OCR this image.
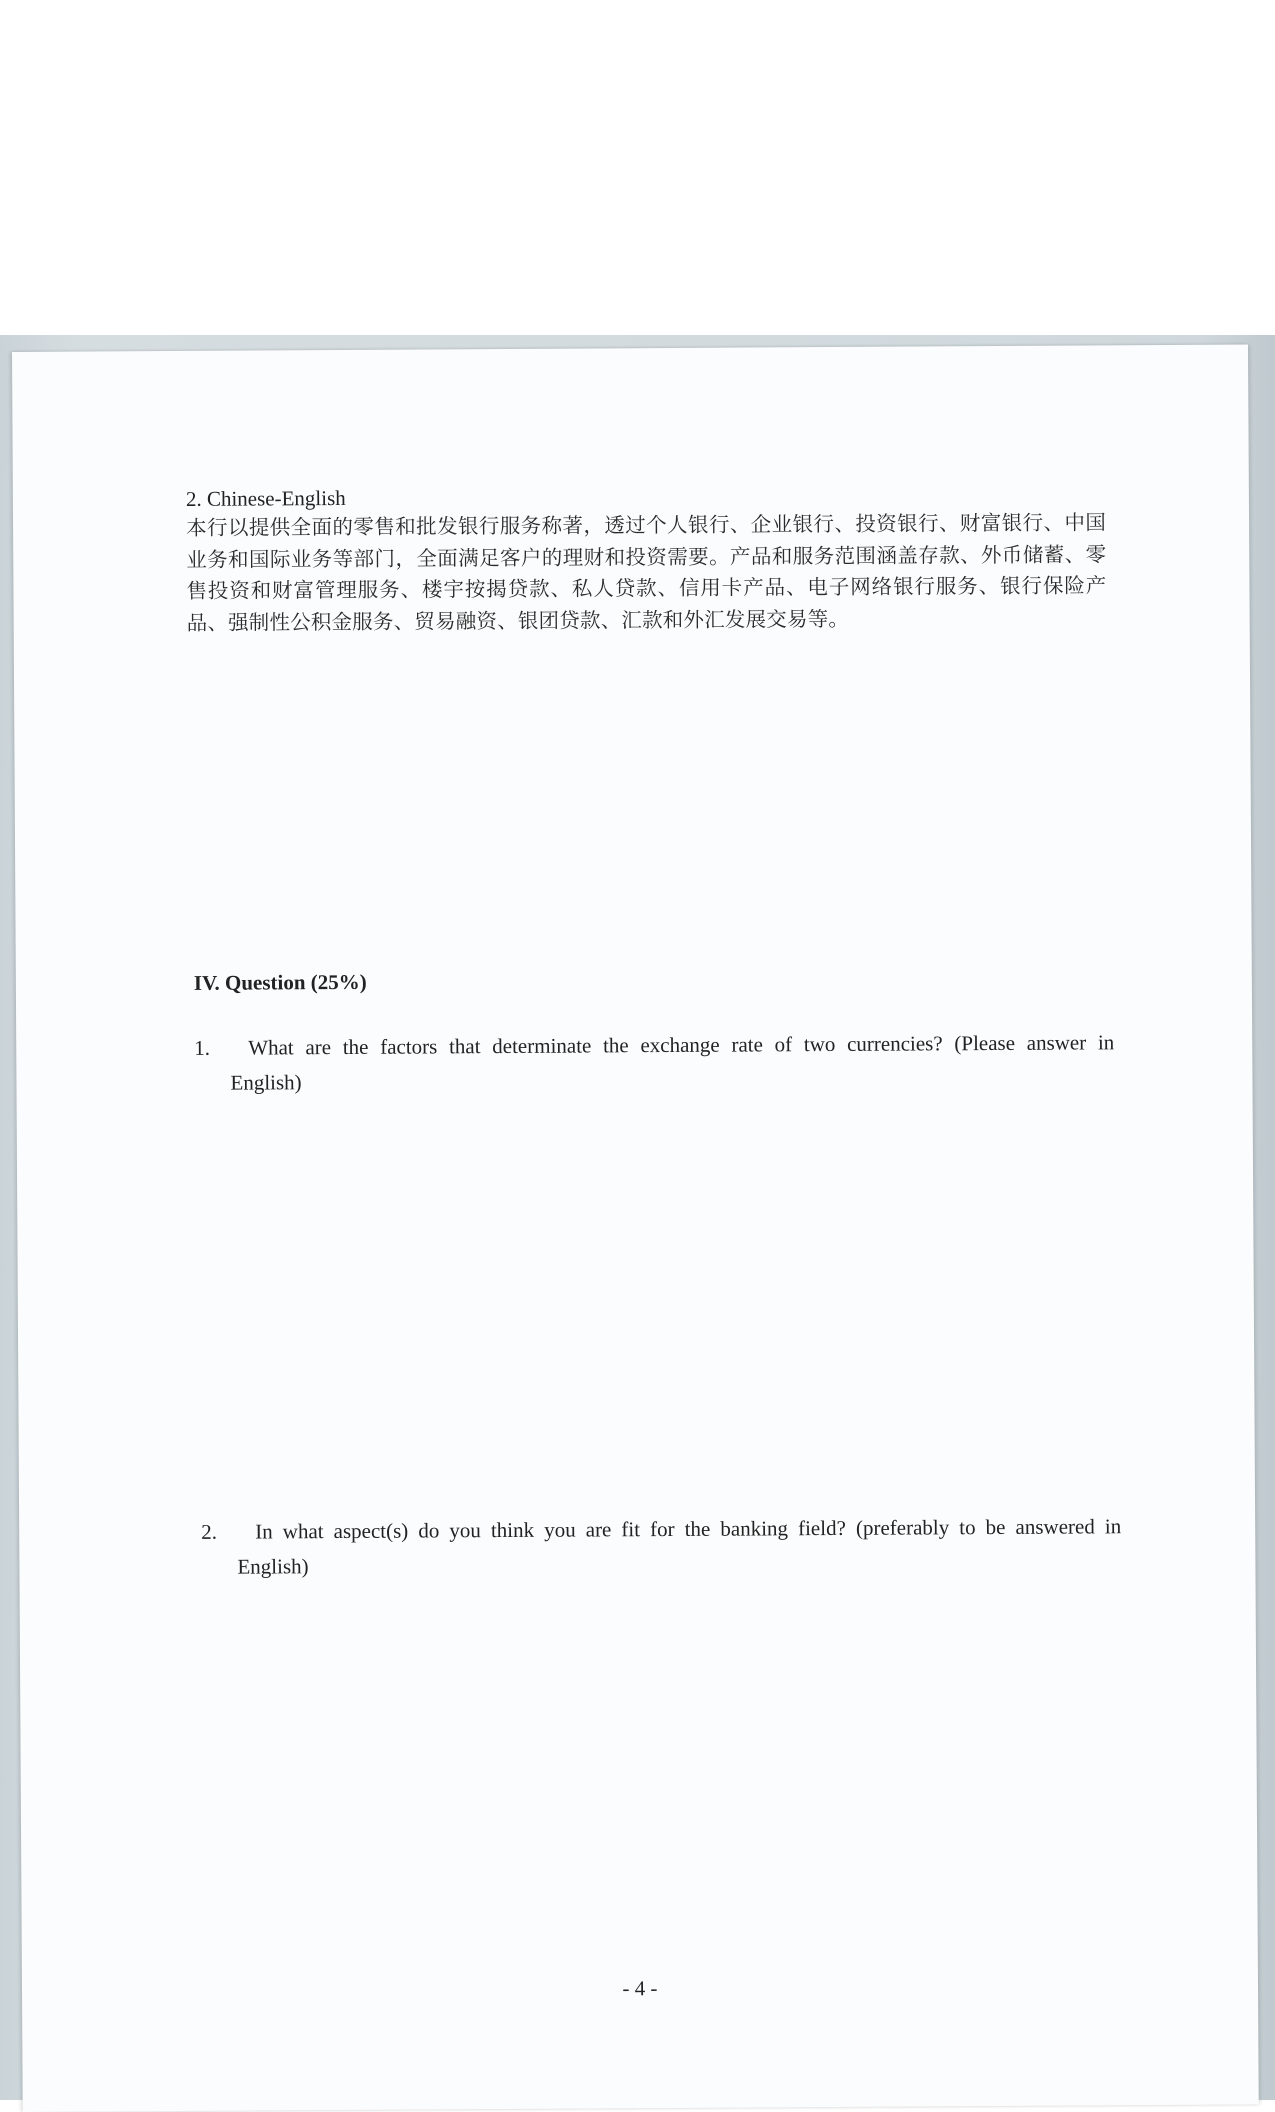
2. Chinese-English
本行以提供全面的零售和批发银行服务称著，透过个人银行、企业银行、投资银行、财富银行、中国业务和国际业务等部门，全面满足客户的理财和投资需要。产品和服务范围涵盖存款、外币储蓄、零售投资和财富管理服务、楼宇按揭贷款、私人贷款、信用卡产品、电子网络银行服务、银行保险产品、强制性公积金服务、贸易融资、银团贷款、汇款和外汇发展交易等。
IV. Question (25%)
1.	What are the factors that determinate the exchange rate of two currencies? (Please answer in
English)
2.	In what aspect(s) do you think you are fit for the banking field? (preferably to be answered in
English)
- 4 -
